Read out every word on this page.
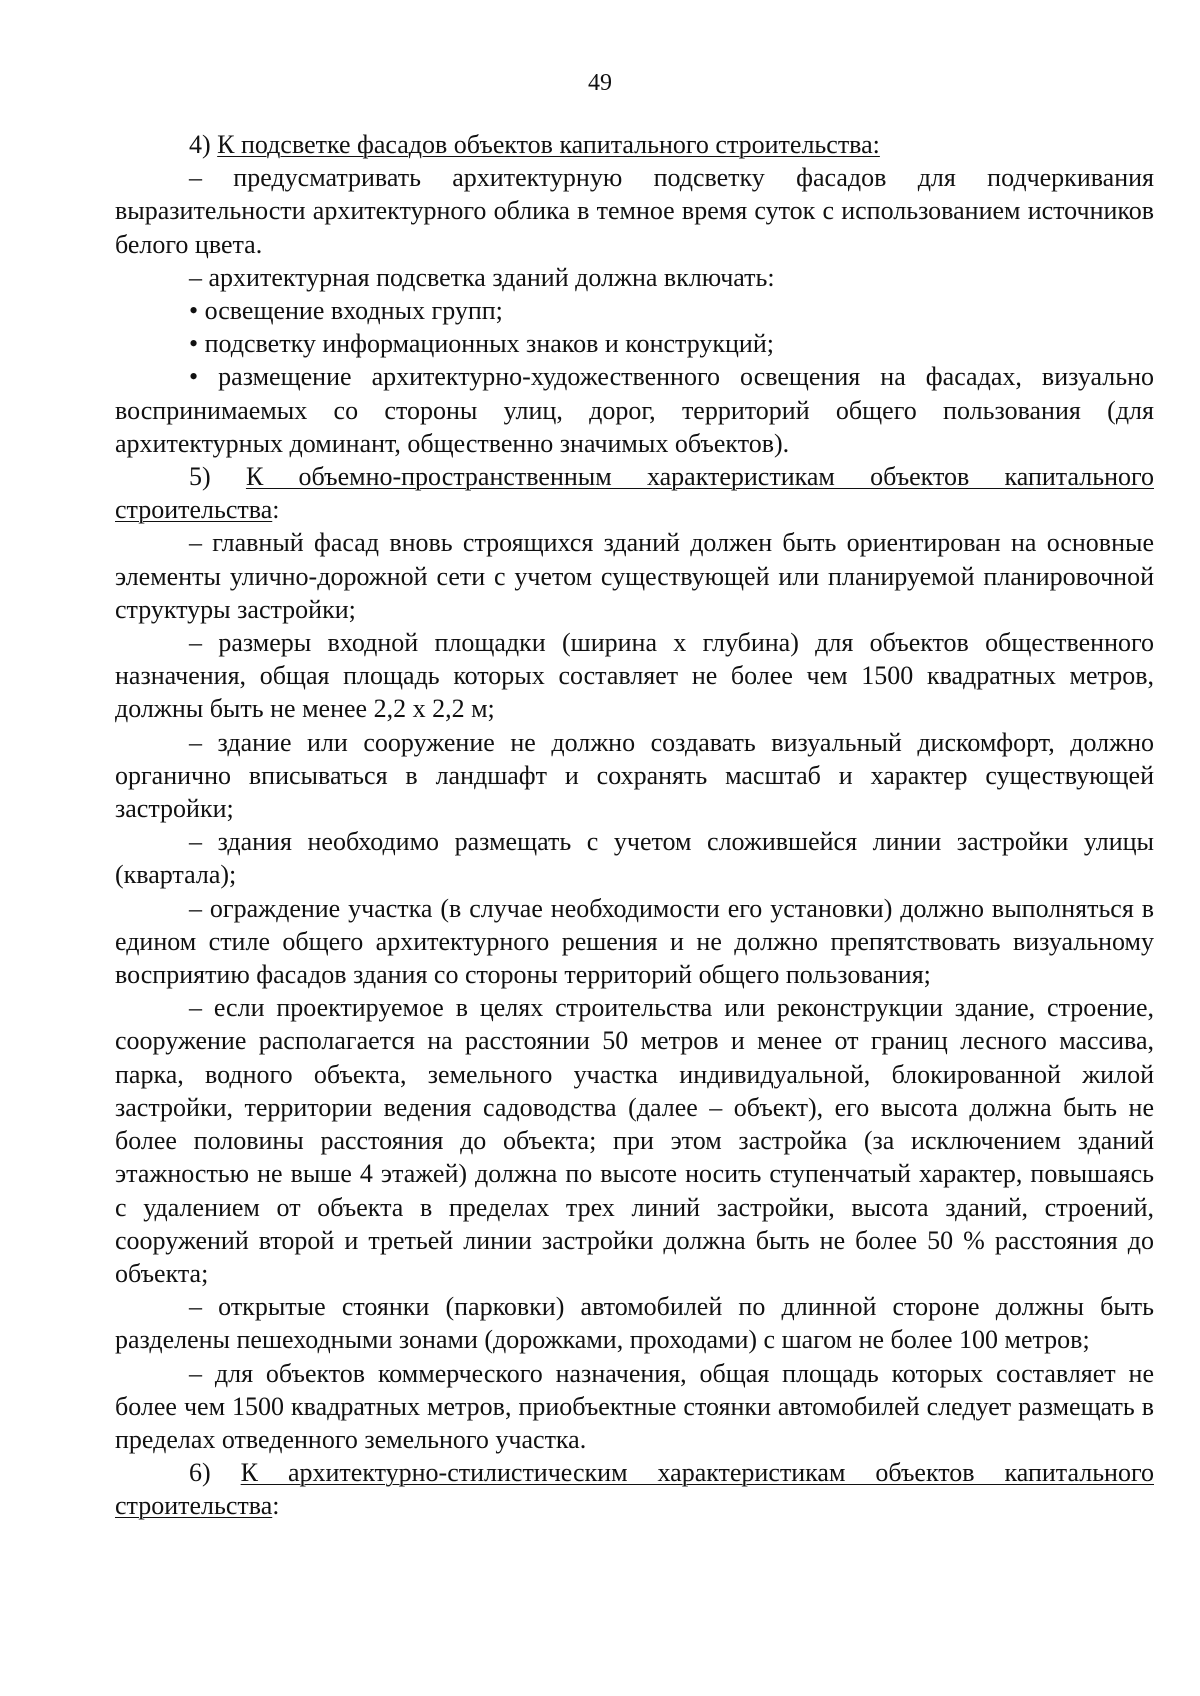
49

4) К подсветке фасадов объектов капитального строительства:

– предусматривать архитектурную подсветку фасадов для подчеркивания выразительности архитектурного облика в темное время суток с использованием источников белого цвета.

– архитектурная подсветка зданий должна включать:

• освещение входных групп;

• подсветку информационных знаков и конструкций;

• размещение архитектурно-художественного освещения на фасадах, визуально воспринимаемых со стороны улиц, дорог, территорий общего пользования (для архитектурных доминант, общественно значимых объектов).

5) К объемно-пространственным характеристикам объектов капитального строительства:

– главный фасад вновь строящихся зданий должен быть ориентирован на основные элементы улично-дорожной сети с учетом существующей или планируемой планировочной структуры застройки;

– размеры входной площадки (ширина х глубина) для объектов общественного назначения, общая площадь которых составляет не более чем 1500 квадратных метров, должны быть не менее 2,2 х 2,2 м;

– здание или сооружение не должно создавать визуальный дискомфорт, должно органично вписываться в ландшафт и сохранять масштаб и характер существующей застройки;

– здания необходимо размещать с учетом сложившейся линии застройки улицы (квартала);

– ограждение участка (в случае необходимости его установки) должно выполняться в едином стиле общего архитектурного решения и не должно препятствовать визуальному восприятию фасадов здания со стороны территорий общего пользования;

– если проектируемое в целях строительства или реконструкции здание, строение, сооружение располагается на расстоянии 50 метров и менее от границ лесного массива, парка, водного объекта, земельного участка индивидуальной, блокированной жилой застройки, территории ведения садоводства (далее – объект), его высота должна быть не более половины расстояния до объекта; при этом застройка (за исключением зданий этажностью не выше 4 этажей) должна по высоте носить ступенчатый характер, повышаясь с удалением от объекта в пределах трех линий застройки, высота зданий, строений, сооружений второй и третьей линии застройки должна быть не более 50 % расстояния до объекта;

– открытые стоянки (парковки) автомобилей по длинной стороне должны быть разделены пешеходными зонами (дорожками, проходами) с шагом не более 100 метров;

– для объектов коммерческого назначения, общая площадь которых составляет не более чем 1500 квадратных метров, приобъектные стоянки автомобилей следует размещать в пределах отведенного земельного участка.

6) К архитектурно-стилистическим характеристикам объектов капитального строительства:
